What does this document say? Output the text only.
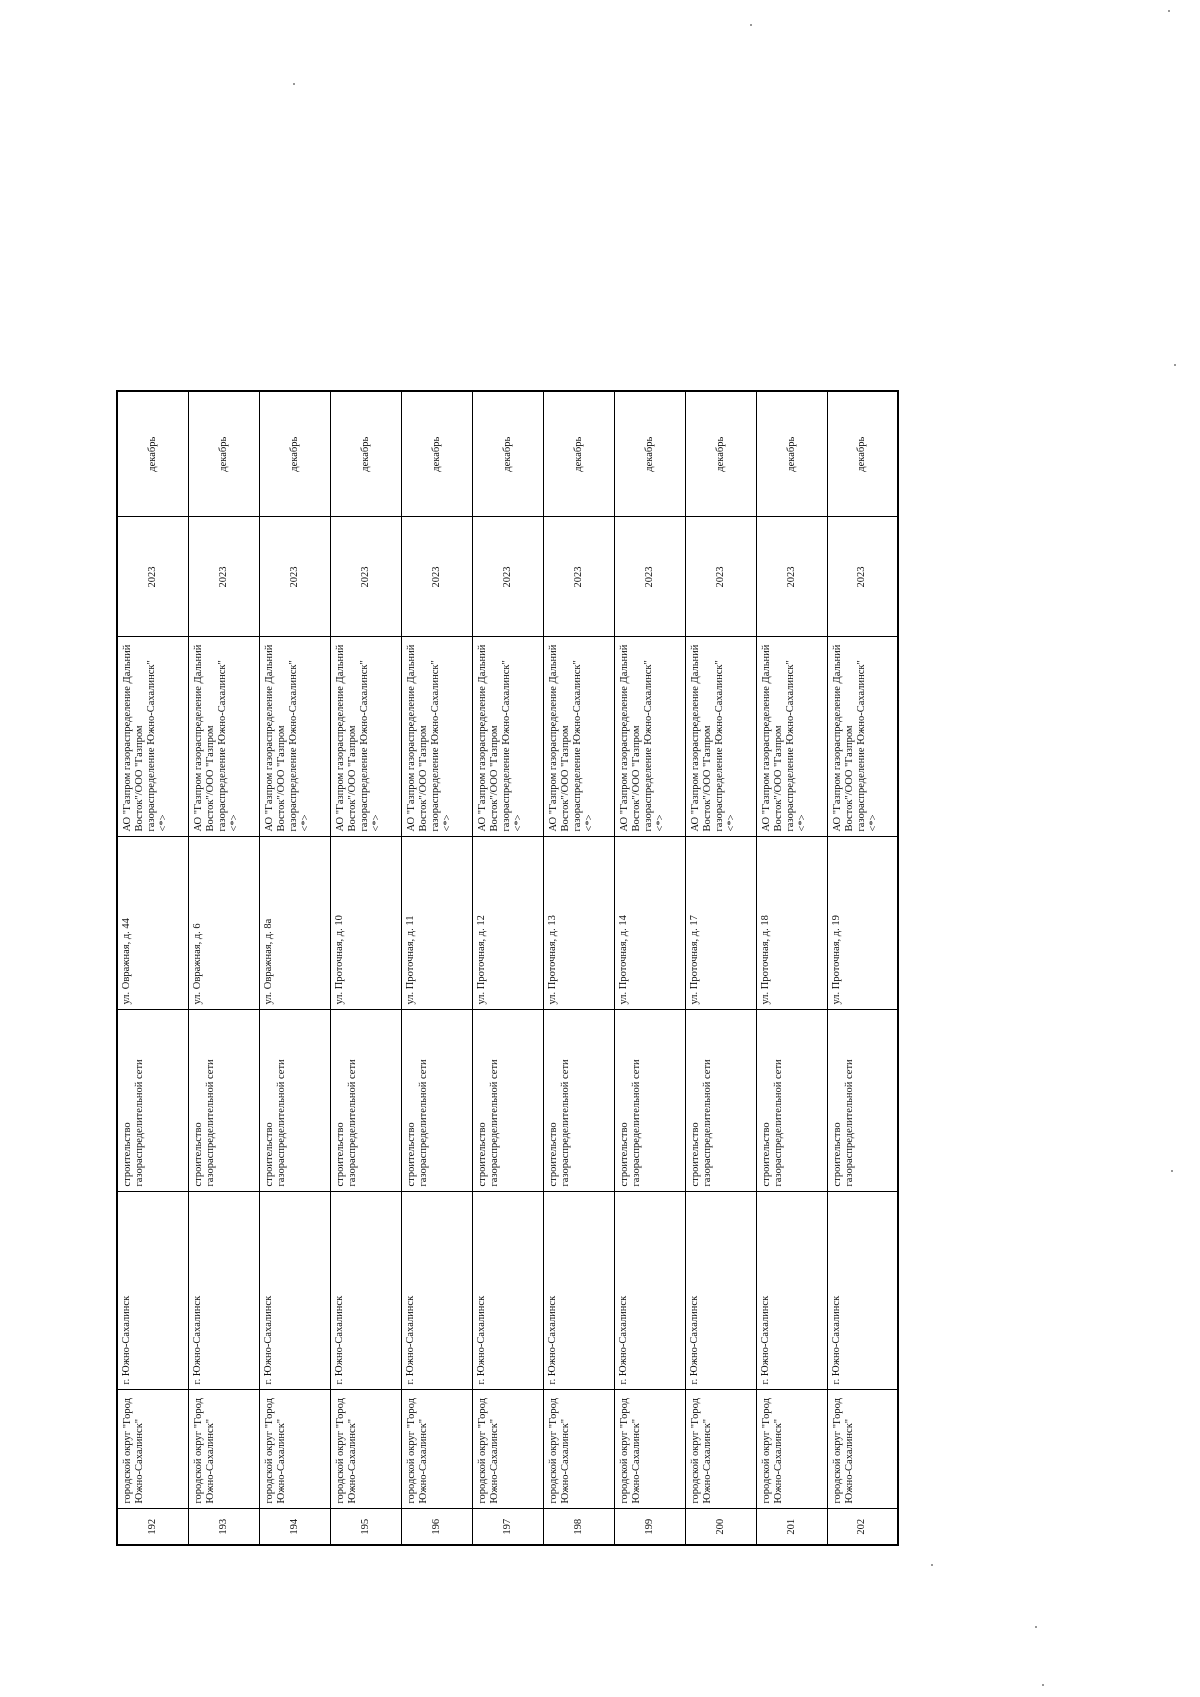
192	городской округ "Город Южно-Сахалинск"	г. Южно-Сахалинск	строительство газораспределительной сети	ул. Овражная, д. 44	АО "Газпром газораспределение Дальний Восток"/ООО "Газпром газораспределение Южно-Сахалинск" <*>	2023	декабрь
193	городской округ "Город Южно-Сахалинск"	г. Южно-Сахалинск	строительство газораспределительной сети	ул. Овражная, д. 6	АО "Газпром газораспределение Дальний Восток"/ООО "Газпром газораспределение Южно-Сахалинск" <*>	2023	декабрь
194	городской округ "Город Южно-Сахалинск"	г. Южно-Сахалинск	строительство газораспределительной сети	ул. Овражная, д. 8а	АО "Газпром газораспределение Дальний Восток"/ООО "Газпром газораспределение Южно-Сахалинск" <*>	2023	декабрь
195	городской округ "Город Южно-Сахалинск"	г. Южно-Сахалинск	строительство газораспределительной сети	ул. Проточная, д. 10	АО "Газпром газораспределение Дальний Восток"/ООО "Газпром газораспределение Южно-Сахалинск" <*>	2023	декабрь
196	городской округ "Город Южно-Сахалинск"	г. Южно-Сахалинск	строительство газораспределительной сети	ул. Проточная, д. 11	АО "Газпром газораспределение Дальний Восток"/ООО "Газпром газораспределение Южно-Сахалинск" <*>	2023	декабрь
197	городской округ "Город Южно-Сахалинск"	г. Южно-Сахалинск	строительство газораспределительной сети	ул. Проточная, д. 12	АО "Газпром газораспределение Дальний Восток"/ООО "Газпром газораспределение Южно-Сахалинск" <*>	2023	декабрь
198	городской округ "Город Южно-Сахалинск"	г. Южно-Сахалинск	строительство газораспределительной сети	ул. Проточная, д. 13	АО "Газпром газораспределение Дальний Восток"/ООО "Газпром газораспределение Южно-Сахалинск" <*>	2023	декабрь
199	городской округ "Город Южно-Сахалинск"	г. Южно-Сахалинск	строительство газораспределительной сети	ул. Проточная, д. 14	АО "Газпром газораспределение Дальний Восток"/ООО "Газпром газораспределение Южно-Сахалинск" <*>	2023	декабрь
200	городской округ "Город Южно-Сахалинск"	г. Южно-Сахалинск	строительство газораспределительной сети	ул. Проточная, д. 17	АО "Газпром газораспределение Дальний Восток"/ООО "Газпром газораспределение Южно-Сахалинск" <*>	2023	декабрь
201	городской округ "Город Южно-Сахалинск"	г. Южно-Сахалинск	строительство газораспределительной сети	ул. Проточная, д. 18	АО "Газпром газораспределение Дальний Восток"/ООО "Газпром газораспределение Южно-Сахалинск" <*>	2023	декабрь
202	городской округ "Город Южно-Сахалинск"	г. Южно-Сахалинск	строительство газораспределительной сети	ул. Проточная, д. 19	АО "Газпром газораспределение Дальний Восток"/ООО "Газпром газораспределение Южно-Сахалинск" <*>	2023	декабрь
